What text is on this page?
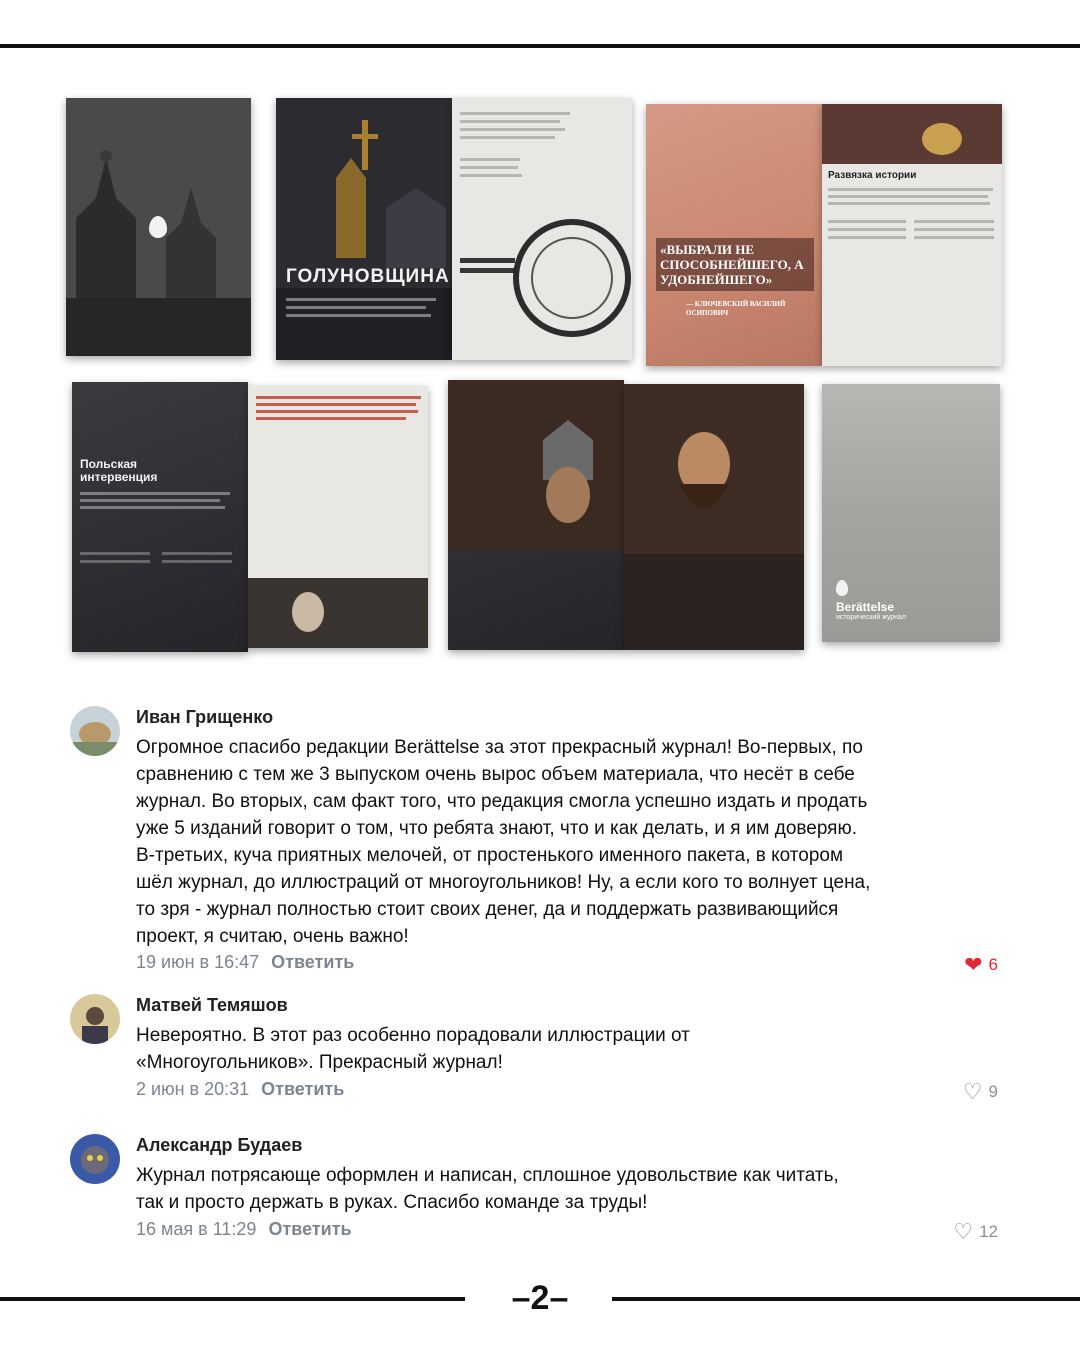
ГОЛУНОВЩИНА
«ВЫБРАЛИ НЕ СПОСОБНЕЙШЕГО, А УДОБНЕЙШЕГО»
— КЛЮЧЕВСКИЙ ВАСИЛИЙ ОСИПОВИЧ
Развязка истории
Польская интервенция
Berättelse
исторический журнал
Иван Грищенко
Огромное спасибо редакции Berättelse за этот прекрасный журнал! Во-первых, по
сравнению с тем же 3 выпуском очень вырос объем материала, что несёт в себе
журнал. Во вторых, сам факт того, что редакция смогла успешно издать и продать
уже 5 изданий говорит о том, что ребята знают, что и как делать, и я им доверяю.
В-третьих, куча приятных мелочей, от простенького именного пакета, в котором
шёл журнал, до иллюстраций от многоугольников! Ну, а если кого то волнует цена,
то зря - журнал полностью стоит своих денег, да и поддержать развивающийся
проект, я считаю, очень важно!
19 июн в 16:47 Ответить	❤ 6
Матвей Темяшов
Невероятно. В этот раз особенно порадовали иллюстрации от
«Многоугольников». Прекрасный журнал!
2 июн в 20:31 Ответить	♡ 9
Александр Будаев
Журнал потрясающе оформлен и написан, сплошное удовольствие как читать,
так и просто держать в руках. Спасибо команде за труды!
16 мая в 11:29 Ответить	♡ 12
–2–
